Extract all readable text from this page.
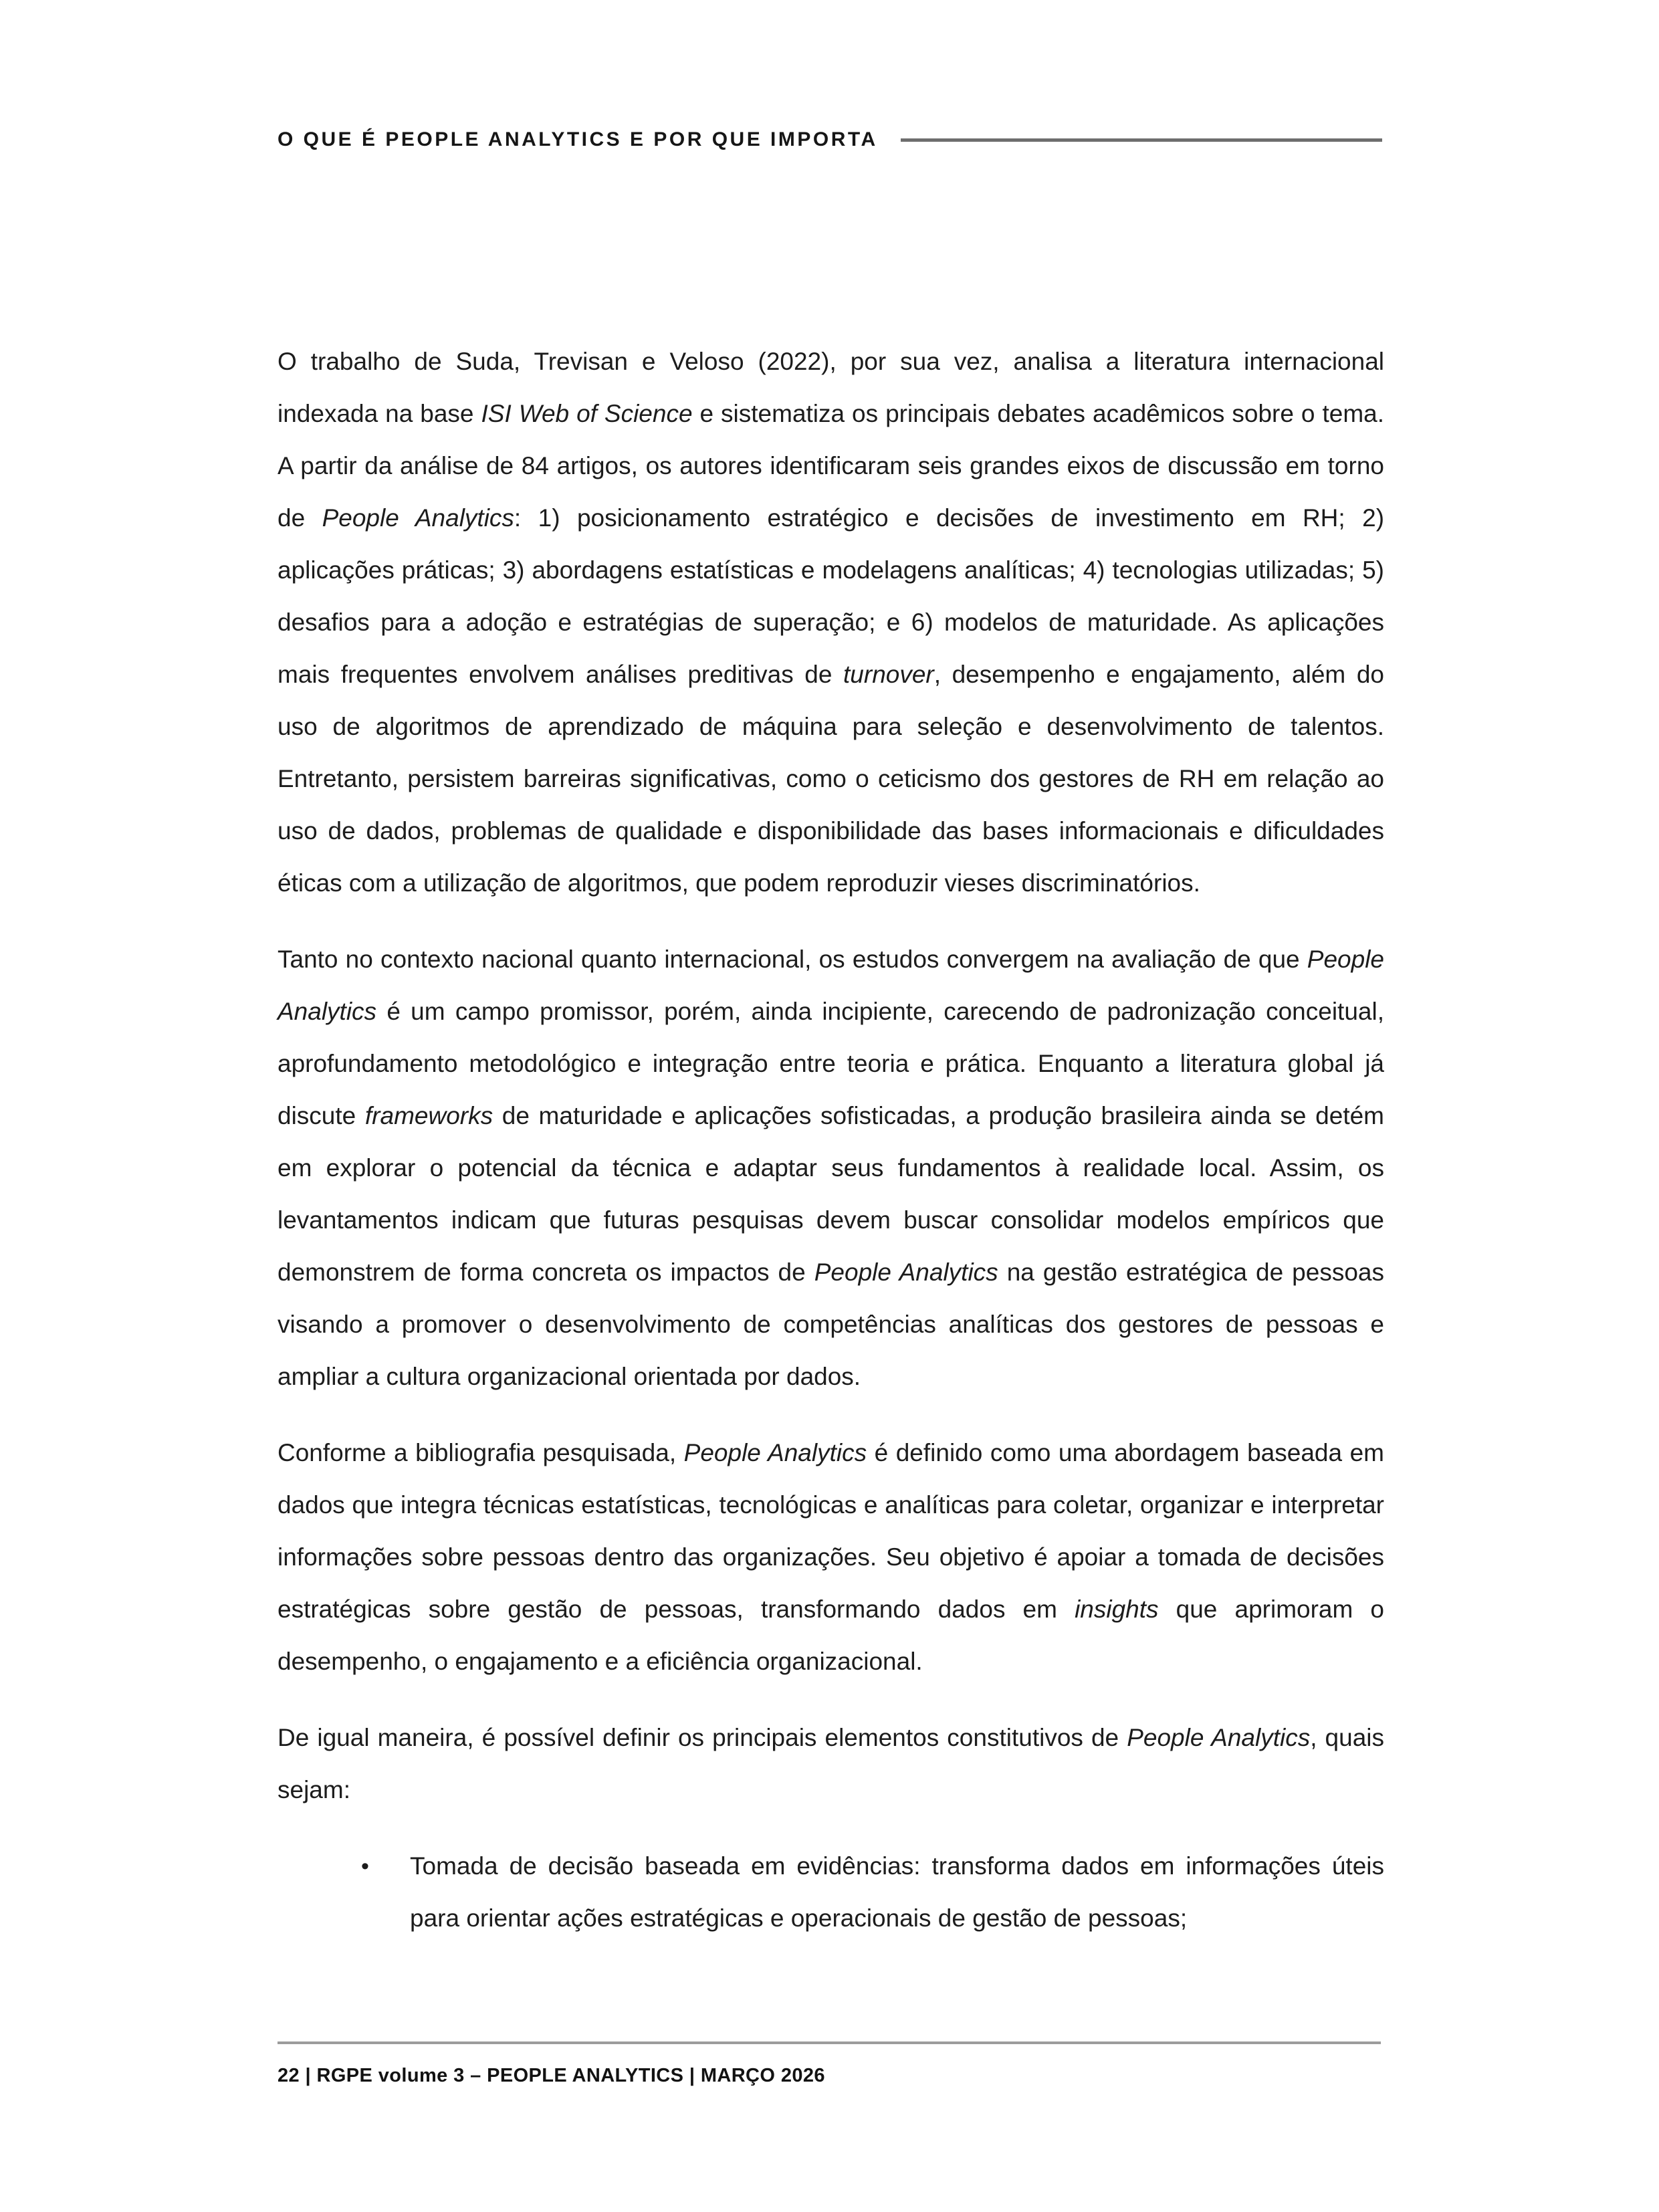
O QUE É PEOPLE ANALYTICS E POR QUE IMPORTA

O trabalho de Suda, Trevisan e Veloso (2022), por sua vez, analisa a literatura internacional indexada na base ISI Web of Science e sistematiza os principais debates acadêmicos sobre o tema. A partir da análise de 84 artigos, os autores identificaram seis grandes eixos de discussão em torno de People Analytics: 1) posicionamento estratégico e decisões de investimento em RH; 2) aplicações práticas; 3) abordagens estatísticas e modelagens analíticas; 4) tecnologias utilizadas; 5) desafios para a adoção e estratégias de superação; e 6) modelos de maturidade. As aplicações mais frequentes envolvem análises preditivas de turnover, desempenho e engajamento, além do uso de algoritmos de aprendizado de máquina para seleção e desenvolvimento de talentos. Entretanto, persistem barreiras significativas, como o ceticismo dos gestores de RH em relação ao uso de dados, problemas de qualidade e disponibilidade das bases informacionais e dificuldades éticas com a utilização de algoritmos, que podem reproduzir vieses discriminatórios.

Tanto no contexto nacional quanto internacional, os estudos convergem na avaliação de que People Analytics é um campo promissor, porém, ainda incipiente, carecendo de padronização conceitual, aprofundamento metodológico e integração entre teoria e prática. Enquanto a literatura global já discute frameworks de maturidade e aplicações sofisticadas, a produção brasileira ainda se detém em explorar o potencial da técnica e adaptar seus fundamentos à realidade local. Assim, os levantamentos indicam que futuras pesquisas devem buscar consolidar modelos empíricos que demonstrem de forma concreta os impactos de People Analytics na gestão estratégica de pessoas visando a promover o desenvolvimento de competências analíticas dos gestores de pessoas e ampliar a cultura organizacional orientada por dados.

Conforme a bibliografia pesquisada, People Analytics é definido como uma abordagem baseada em dados que integra técnicas estatísticas, tecnológicas e analíticas para coletar, organizar e interpretar informações sobre pessoas dentro das organizações. Seu objetivo é apoiar a tomada de decisões estratégicas sobre gestão de pessoas, transformando dados em insights que aprimoram o desempenho, o engajamento e a eficiência organizacional.

De igual maneira, é possível definir os principais elementos constitutivos de People Analytics, quais sejam:

• Tomada de decisão baseada em evidências: transforma dados em informações úteis para orientar ações estratégicas e operacionais de gestão de pessoas;
22 | RGPE volume 3 – PEOPLE ANALYTICS | MARÇO 2026
